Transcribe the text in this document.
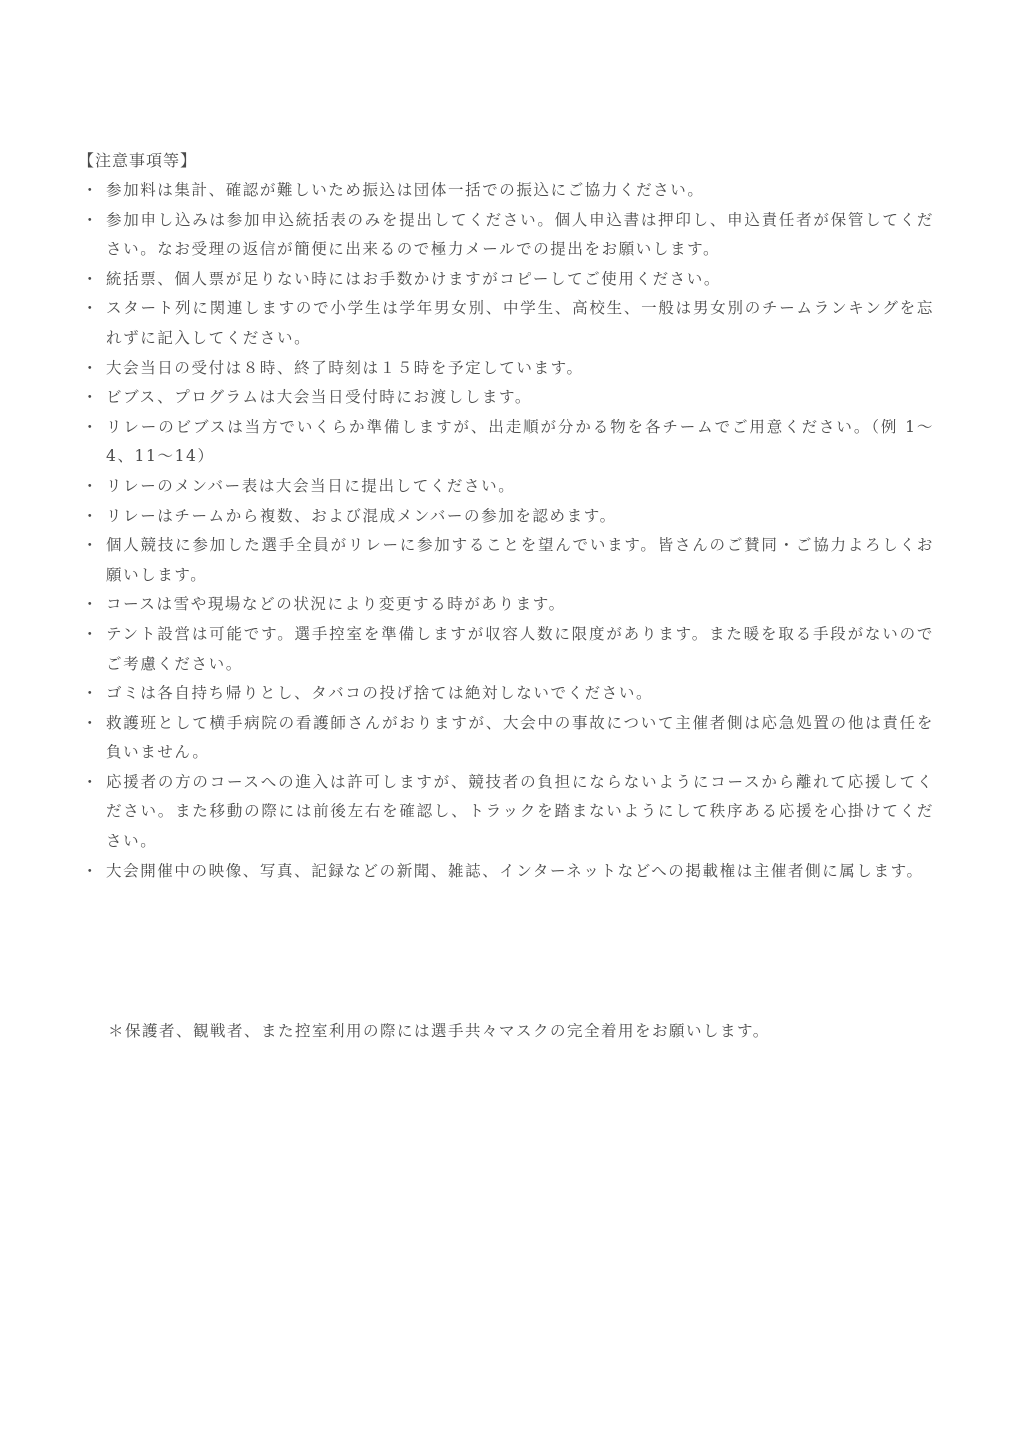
【注意事項等】
・ 参加料は集計、確認が難しいため振込は団体一括での振込にご協力ください。
・ 参加申し込みは参加申込統括表のみを提出してください。個人申込書は押印し、申込責任者が保管してください。なお受理の返信が簡便に出来るので極力メールでの提出をお願いします。
・ 統括票、個人票が足りない時にはお手数かけますがコピーしてご使用ください。
・ スタート列に関連しますので小学生は学年男女別、中学生、高校生、一般は男女別のチームランキングを忘れずに記入してください。
・ 大会当日の受付は８時、終了時刻は１５時を予定しています。
・ ビブス、プログラムは大会当日受付時にお渡しします。
・ リレーのビブスは当方でいくらか準備しますが、出走順が分かる物を各チームでご用意ください。（例 1～4、11～14）
・ リレーのメンバー表は大会当日に提出してください。
・ リレーはチームから複数、および混成メンバーの参加を認めます。
・ 個人競技に参加した選手全員がリレーに参加することを望んでいます。皆さんのご賛同・ご協力よろしくお願いします。
・ コースは雪や現場などの状況により変更する時があります。
・ テント設営は可能です。選手控室を準備しますが収容人数に限度があります。また暖を取る手段がないのでご考慮ください。
・ ゴミは各自持ち帰りとし、タバコの投げ捨ては絶対しないでください。
・ 救護班として横手病院の看護師さんがおりますが、大会中の事故について主催者側は応急処置の他は責任を負いません。
・ 応援者の方のコースへの進入は許可しますが、競技者の負担にならないようにコースから離れて応援してください。また移動の際には前後左右を確認し、トラックを踏まないようにして秩序ある応援を心掛けてください。
・ 大会開催中の映像、写真、記録などの新聞、雑誌、インターネットなどへの掲載権は主催者側に属します。
＊保護者、観戦者、また控室利用の際には選手共々マスクの完全着用をお願いします。
